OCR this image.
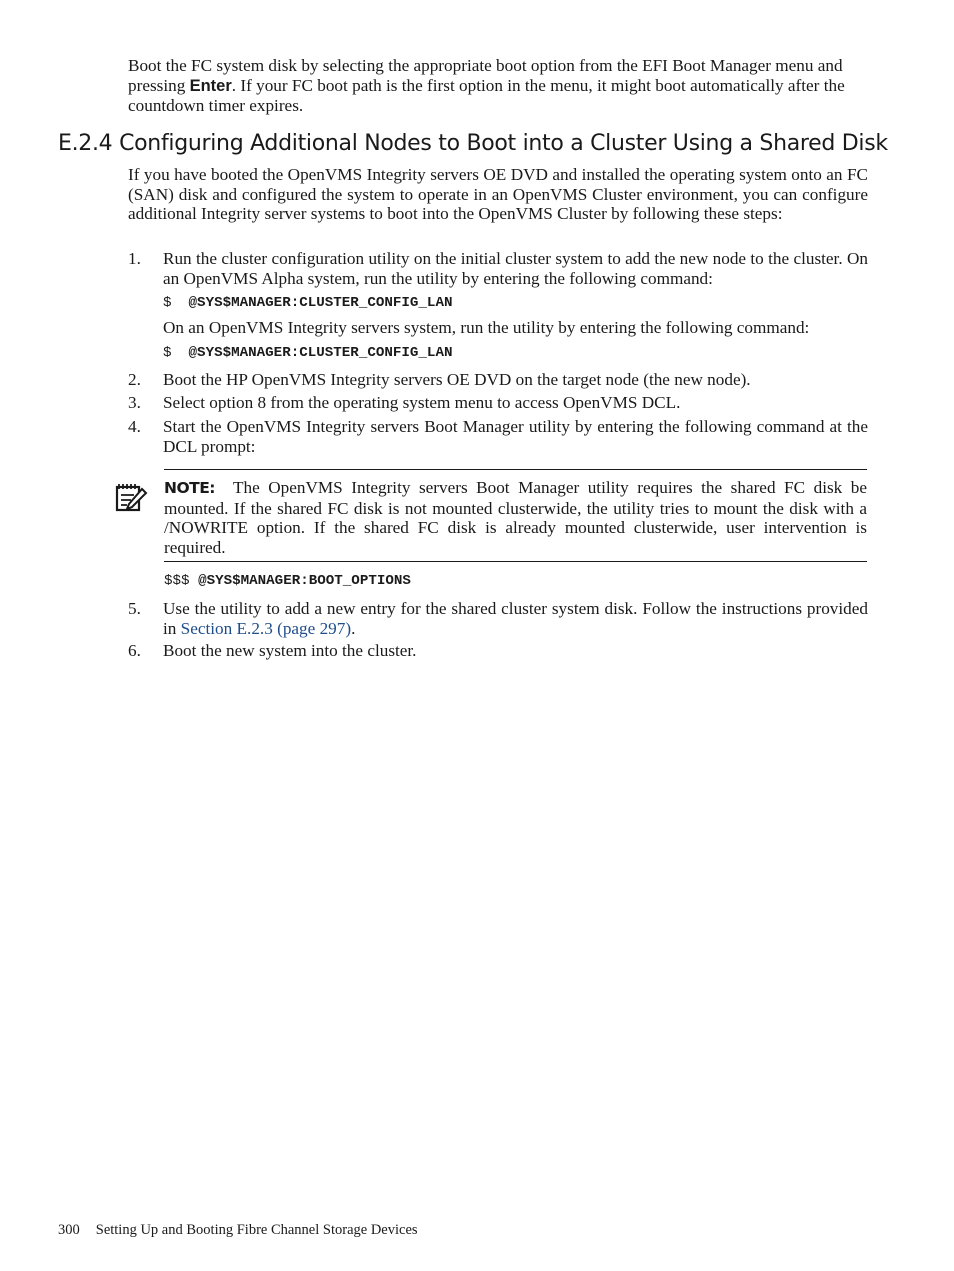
Boot the FC system disk by selecting the appropriate boot option from the EFI Boot Manager menu and pressing Enter. If your FC boot path is the first option in the menu, it might boot automatically after the countdown timer expires.

E.2.4 Configuring Additional Nodes to Boot into a Cluster Using a Shared Disk

If you have booted the OpenVMS Integrity servers OE DVD and installed the operating system onto an FC (SAN) disk and configured the system to operate in an OpenVMS Cluster environment, you can configure additional Integrity server systems to boot into the OpenVMS Cluster by following these steps:

1. Run the cluster configuration utility on the initial cluster system to add the new node to the cluster. On an OpenVMS Alpha system, run the utility by entering the following command:
$ @SYS$MANAGER:CLUSTER_CONFIG_LAN
On an OpenVMS Integrity servers system, run the utility by entering the following command:
$ @SYS$MANAGER:CLUSTER_CONFIG_LAN
2. Boot the HP OpenVMS Integrity servers OE DVD on the target node (the new node).
3. Select option 8 from the operating system menu to access OpenVMS DCL.
4. Start the OpenVMS Integrity servers Boot Manager utility by entering the following command at the DCL prompt:
NOTE: The OpenVMS Integrity servers Boot Manager utility requires the shared FC disk be mounted. If the shared FC disk is not mounted clusterwide, the utility tries to mount the disk with a /NOWRITE option. If the shared FC disk is already mounted clusterwide, user intervention is required.
$$$ @SYS$MANAGER:BOOT_OPTIONS
5. Use the utility to add a new entry for the shared cluster system disk. Follow the instructions provided in Section E.2.3 (page 297).
6. Boot the new system into the cluster.
300 Setting Up and Booting Fibre Channel Storage Devices
